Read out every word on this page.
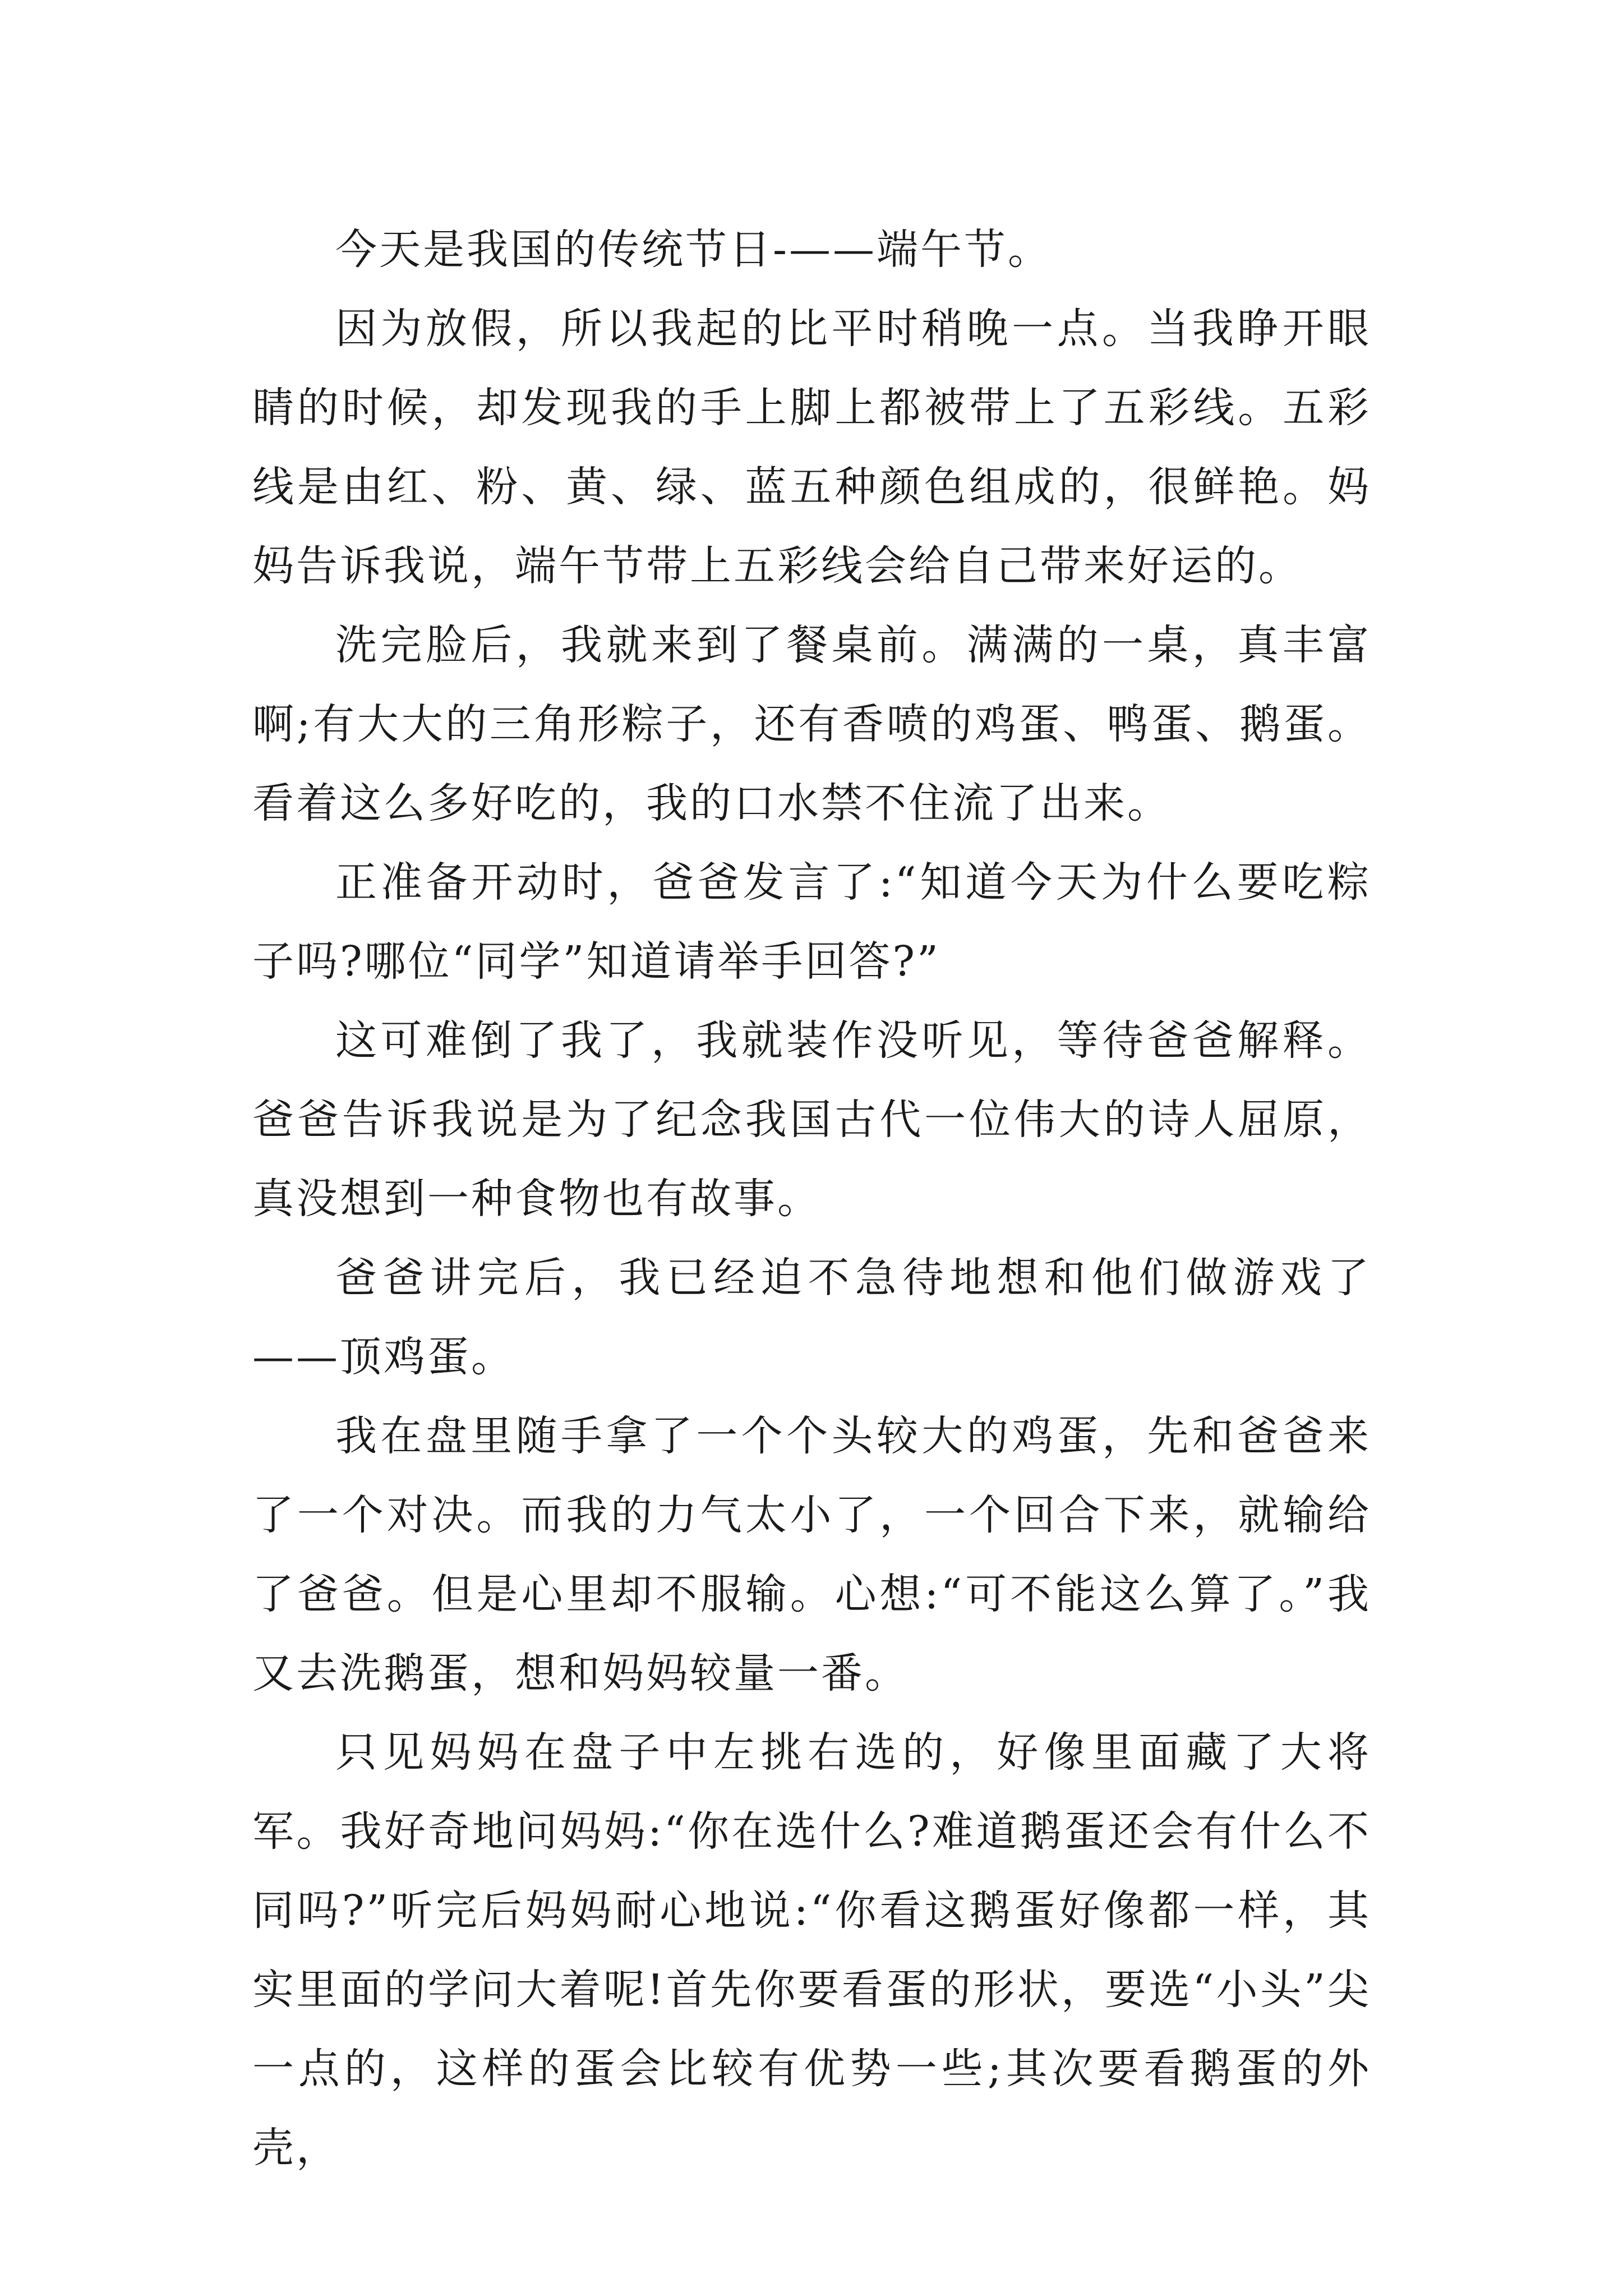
今天是我国的传统节日-——端午节。

因为放假，所以我起的比平时稍晚一点。当我睁开眼睛的时候，却发现我的手上脚上都被带上了五彩线。五彩线是由红、粉、黄、绿、蓝五种颜色组成的，很鲜艳。妈妈告诉我说，端午节带上五彩线会给自己带来好运的。

洗完脸后，我就来到了餐桌前。满满的一桌，真丰富啊;有大大的三角形粽子，还有香喷的鸡蛋、鸭蛋、鹅蛋。看着这么多好吃的，我的口水禁不住流了出来。

正准备开动时，爸爸发言了:“知道今天为什么要吃粽子吗?哪位“同学”知道请举手回答?”

这可难倒了我了，我就装作没听见，等待爸爸解释。爸爸告诉我说是为了纪念我国古代一位伟大的诗人屈原，真没想到一种食物也有故事。

爸爸讲完后，我已经迫不急待地想和他们做游戏了——顶鸡蛋。

我在盘里随手拿了一个个头较大的鸡蛋，先和爸爸来了一个对决。而我的力气太小了，一个回合下来，就输给了爸爸。但是心里却不服输。心想:“可不能这么算了。”我又去洗鹅蛋，想和妈妈较量一番。

只见妈妈在盘子中左挑右选的，好像里面藏了大将军。我好奇地问妈妈:“你在选什么?难道鹅蛋还会有什么不同吗?”听完后妈妈耐心地说:“你看这鹅蛋好像都一样，其实里面的学问大着呢!首先你要看蛋的形状，要选“小头”尖一点的，这样的蛋会比较有优势一些;其次要看鹅蛋的外壳，
